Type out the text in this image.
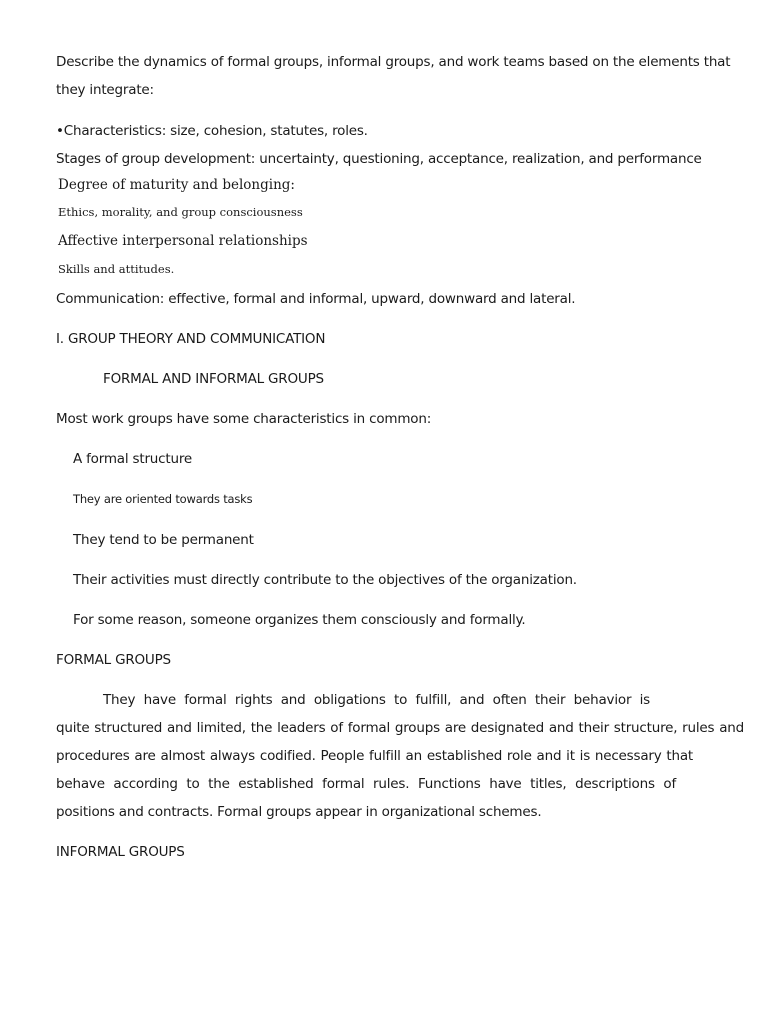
Describe the dynamics of formal groups, informal groups, and work teams based on the elements that
they integrate:
•Characteristics: size, cohesion, statutes, roles.
Stages of group development: uncertainty, questioning, acceptance, realization, and performance
Degree of maturity and belonging:
Ethics, morality, and group consciousness
Affective interpersonal relationships
Skills and attitudes.
Communication: effective, formal and informal, upward, downward and lateral.
I. GROUP THEORY AND COMMUNICATION
FORMAL AND INFORMAL GROUPS
Most work groups have some characteristics in common:
A formal structure
They are oriented towards tasks
They tend to be permanent
Their activities must directly contribute to the objectives of the organization.
For some reason, someone organizes them consciously and formally.
FORMAL GROUPS
They have formal rights and obligations to fulfill, and often their behavior is
quite structured and limited, the leaders of formal groups are designated and their structure, rules and
procedures are almost always codified. People fulfill an established role and it is necessary that
behave according to the established formal rules. Functions have titles, descriptions of
positions and contracts. Formal groups appear in organizational schemes.
INFORMAL GROUPS
